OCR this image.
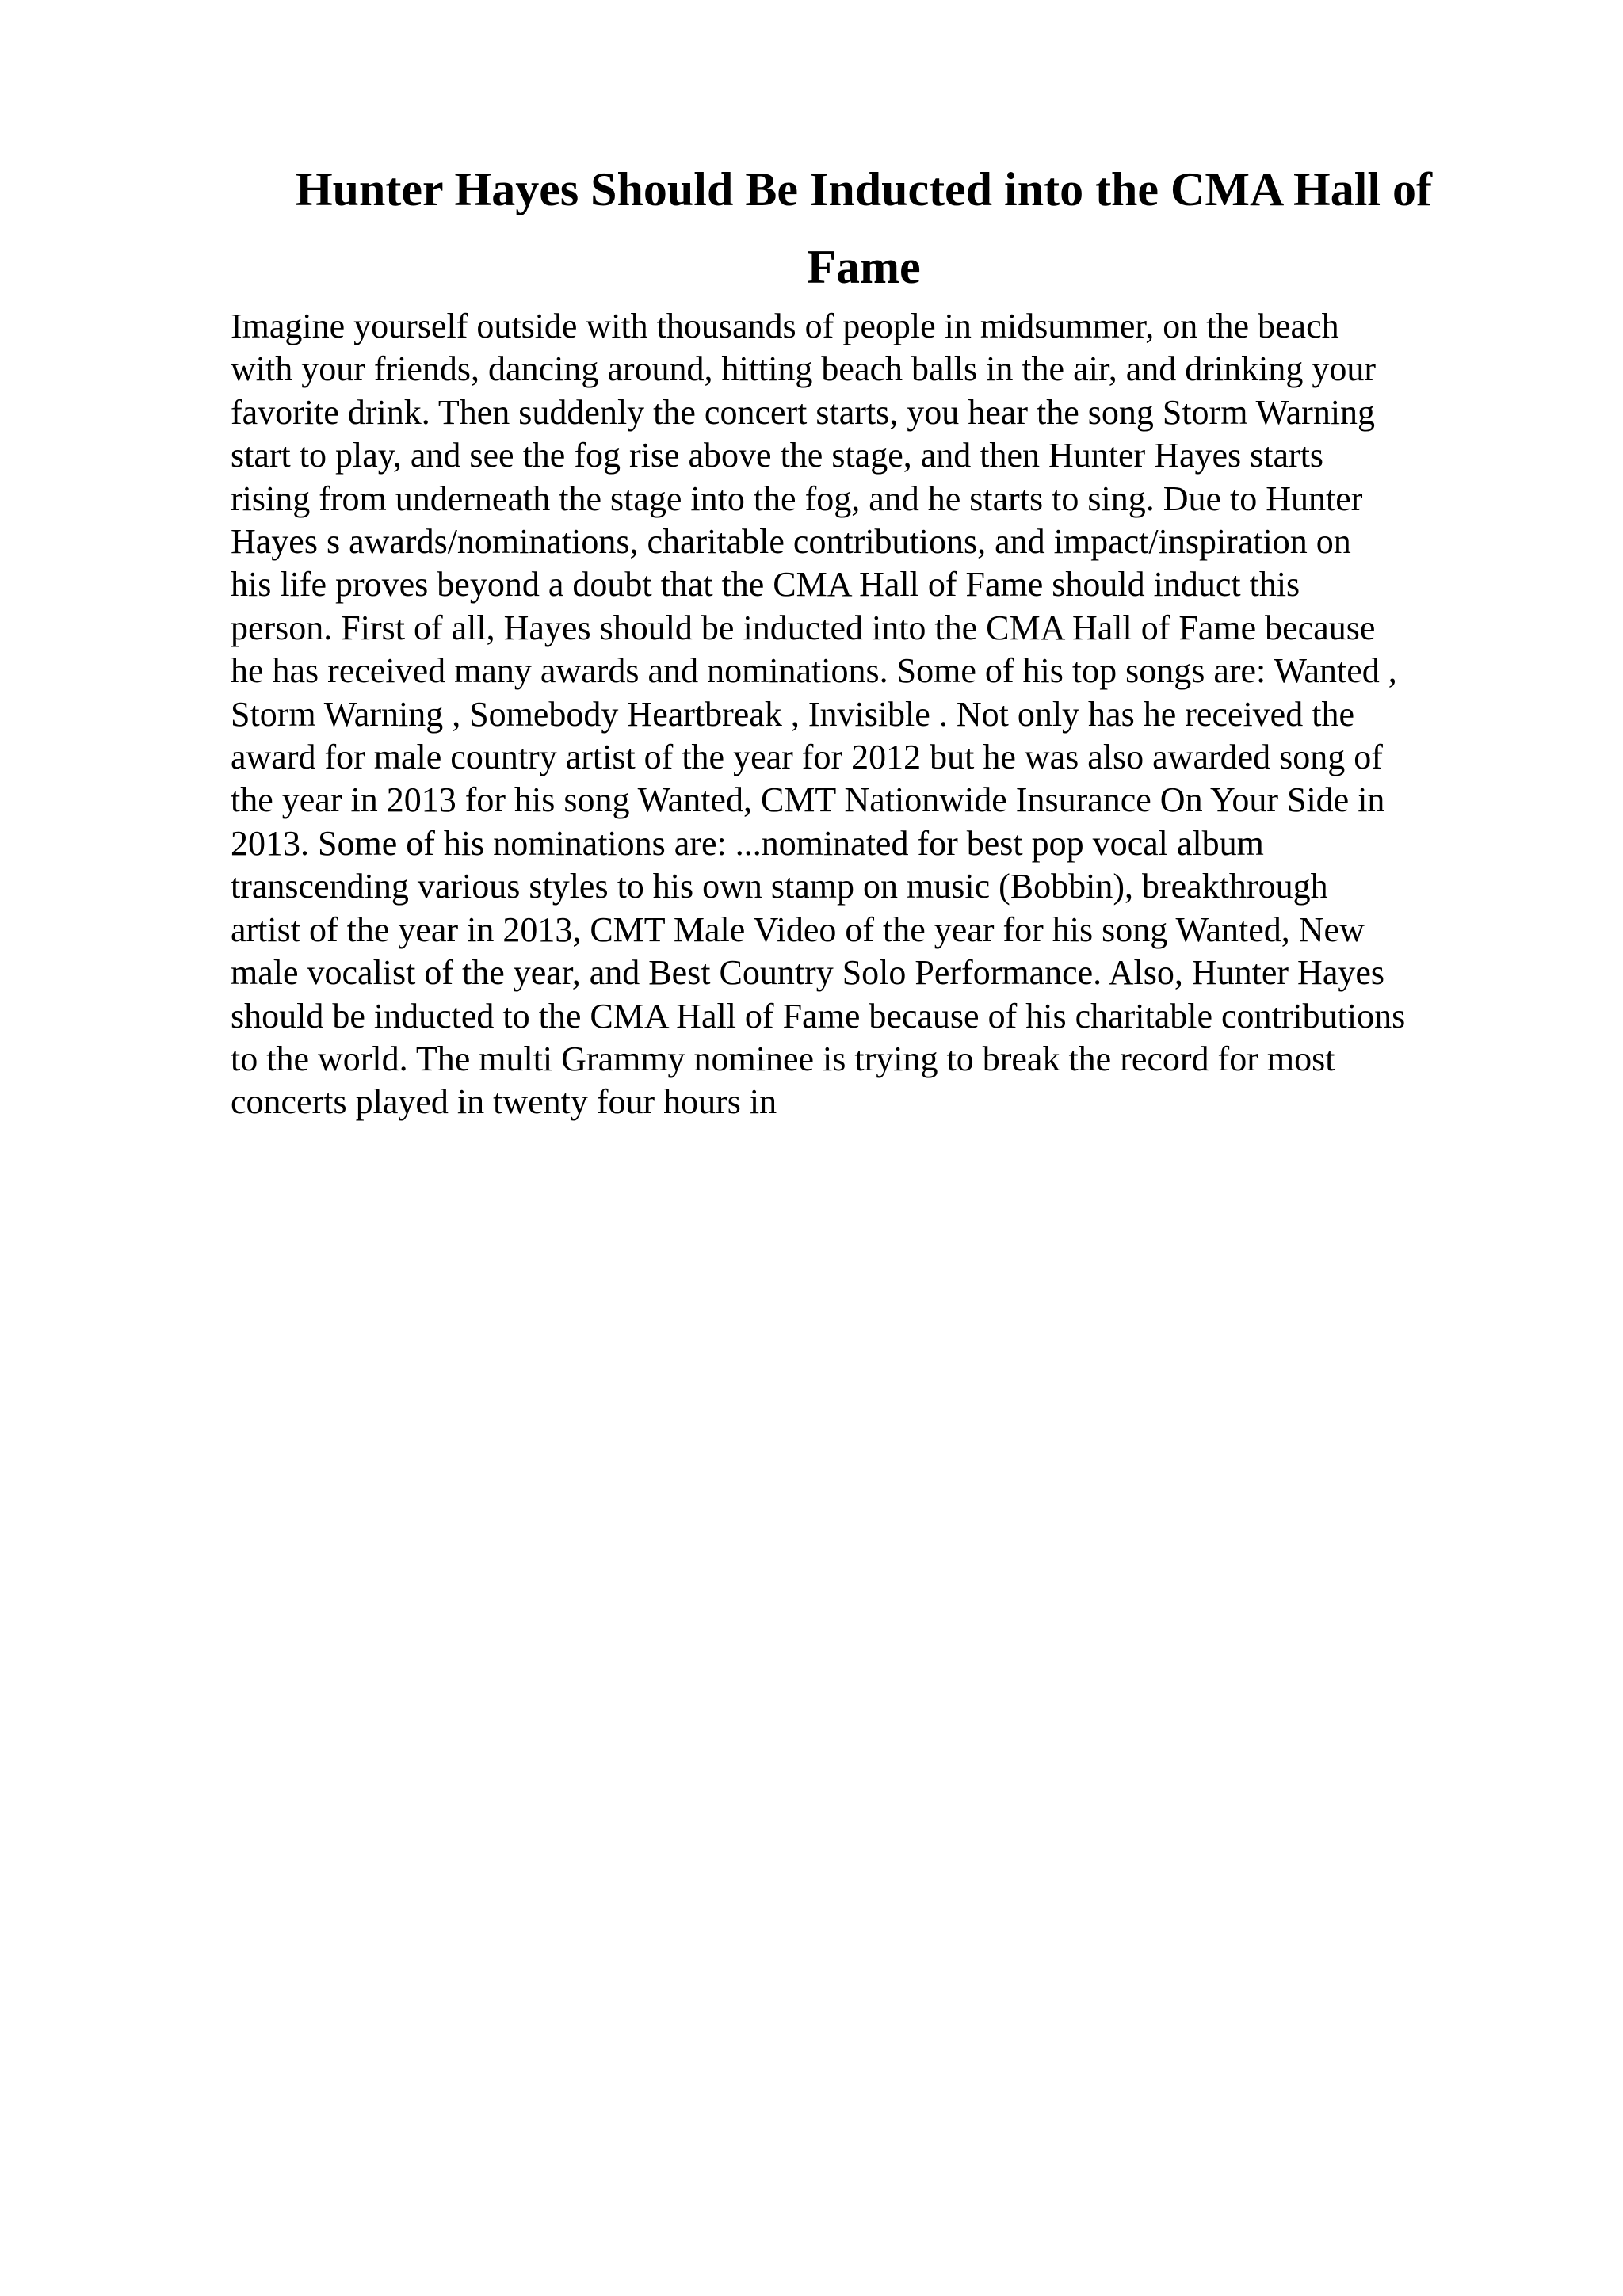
Hunter Hayes Should Be Inducted into the CMA Hall of
Fame
Imagine yourself outside with thousands of people in midsummer, on the beach
with your friends, dancing around, hitting beach balls in the air, and drinking your
favorite drink. Then suddenly the concert starts, you hear the song Storm Warning
start to play, and see the fog rise above the stage, and then Hunter Hayes starts
rising from underneath the stage into the fog, and he starts to sing. Due to Hunter
Hayes s awards/nominations, charitable contributions, and impact/inspiration on
his life proves beyond a doubt that the CMA Hall of Fame should induct this
person. First of all, Hayes should be inducted into the CMA Hall of Fame because
he has received many awards and nominations. Some of his top songs are: Wanted ,
Storm Warning , Somebody Heartbreak , Invisible . Not only has he received the
award for male country artist of the year for 2012 but he was also awarded song of
the year in 2013 for his song Wanted, CMT Nationwide Insurance On Your Side in
2013. Some of his nominations are: ...nominated for best pop vocal album
transcending various styles to his own stamp on music (Bobbin), breakthrough
artist of the year in 2013, CMT Male Video of the year for his song Wanted, New
male vocalist of the year, and Best Country Solo Performance. Also, Hunter Hayes
should be inducted to the CMA Hall of Fame because of his charitable contributions
to the world. The multi Grammy nominee is trying to break the record for most
concerts played in twenty four hours in
